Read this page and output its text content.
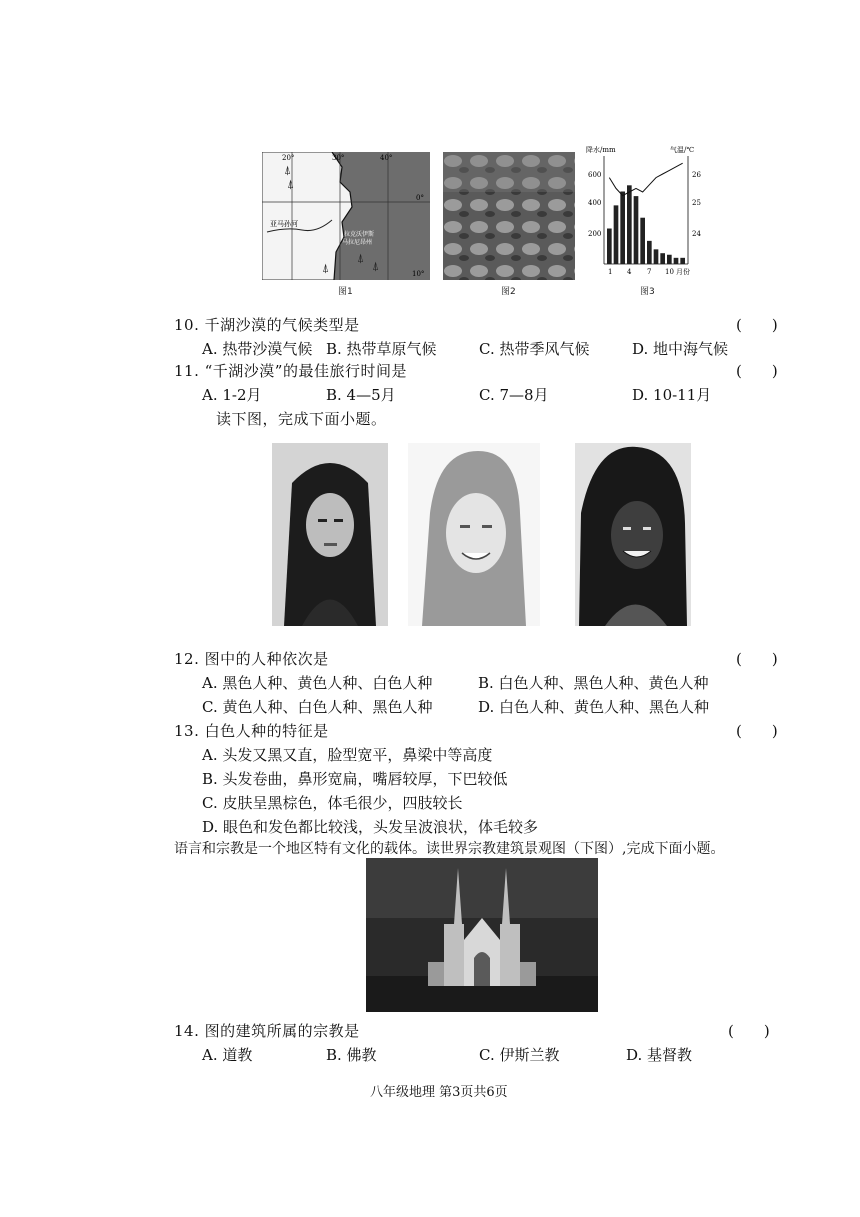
20°	30°	40°
0°
10°
亚马孙河
拉克沃伊斯
马拉尼昂州
⍋
⍋
⍋
⍋
⍋
图1	图2
降水/mm	气温/℃
600
400
200
26
25
24
1 4 7 10 月份
图3
10. 千湖沙漠的气候类型是	(　　)
A. 热带沙漠气候 B. 热带草原气候	C. 热带季风气候	D. 地中海气候
11. “千湖沙漠”的最佳旅行时间是	(　　)
A. 1-2月	B. 4—5月	C. 7—8月	D. 10-11月
读下图，完成下面小题。
12. 图中的人种依次是	(　　)
A. 黑色人种、黄色人种、白色人种	B. 白色人种、黑色人种、黄色人种
C. 黄色人种、白色人种、黑色人种	D. 白色人种、黄色人种、黑色人种
13. 白色人种的特征是	(　　)
A. 头发又黑又直，脸型宽平，鼻梁中等高度
B. 头发卷曲，鼻形宽扁，嘴唇较厚，下巴较低
C. 皮肤呈黑棕色，体毛很少，四肢较长
D. 眼色和发色都比较浅，头发呈波浪状，体毛较多
语言和宗教是一个地区特有文化的载体。读世界宗教建筑景观图（下图）,完成下面小题。
14. 图的建筑所属的宗教是	(　　)
A. 道教	B. 佛教	C. 伊斯兰教	D. 基督教
八年级地理 第3页共6页
